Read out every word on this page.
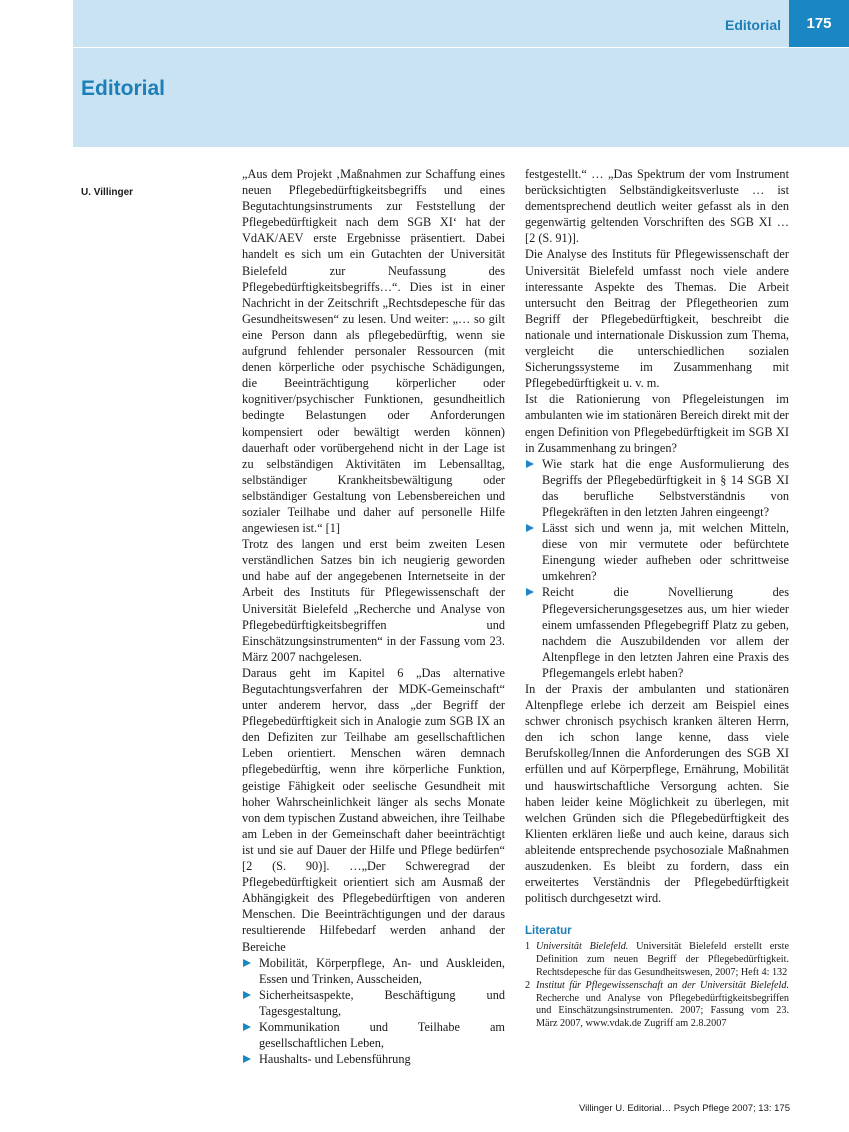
Editorial	175
Editorial
U. Villinger

„Aus dem Projekt ‚Maßnahmen zur Schaffung eines neuen Pflegebedürftigkeitsbegriffs und eines Begutachtungsinstruments zur Feststellung der Pflegebedürftigkeit nach dem SGB XI‘ hat der VdAK/AEV erste Ergebnisse präsentiert. Dabei handelt es sich um ein Gutachten der Universität Bielefeld zur Neufassung des Pflegebedürftigkeitsbegriffs…“. Dies ist in einer Nachricht in der Zeitschrift „Rechtsdepesche für das Gesundheitswesen“ zu lesen. Und weiter: „… so gilt eine Person dann als pflegebedürftig, wenn sie aufgrund fehlender personaler Ressourcen (mit denen körperliche oder psychische Schädigungen, die Beeinträchtigung körperlicher oder kognitiver/psychischer Funktionen, gesundheitlich bedingte Belastungen oder Anforderungen kompensiert oder bewältigt werden können) dauerhaft oder vorübergehend nicht in der Lage ist zu selbständigen Aktivitäten im Lebensalltag, selbständiger Krankheitsbewältigung oder selbständiger Gestaltung von Lebensbereichen und sozialer Teilhabe und daher auf personelle Hilfe angewiesen ist.“ [1]

Trotz des langen und erst beim zweiten Lesen verständlichen Satzes bin ich neugierig geworden und habe auf der angegebenen Internetseite in der Arbeit des Instituts für Pflegewissenschaft der Universität Bielefeld „Recherche und Analyse von Pflegebedürftigkeitsbegriffen und Einschätzungsinstrumenten“ in der Fassung vom 23. März 2007 nachgelesen.

Daraus geht im Kapitel 6 „Das alternative Begutachtungsverfahren der MDK-Gemeinschaft“ unter anderem hervor, dass „der Begriff der Pflegebedürftigkeit sich in Analogie zum SGB IX an den Defiziten zur Teilhabe am gesellschaftlichen Leben orientiert. Menschen wären demnach pflegebedürftig, wenn ihre körperliche Funktion, geistige Fähigkeit oder seelische Gesundheit mit hoher Wahrscheinlichkeit länger als sechs Monate von dem typischen Zustand abweichen, ihre Teilhabe am Leben in der Gemeinschaft daher beeinträchtigt ist und sie auf Dauer der Hilfe und Pflege bedürfen“ [2 (S. 90)]. …„Der Schweregrad der Pflegebedürftigkeit orientiert sich am Ausmaß der Abhängigkeit des Pflegebedürftigen von anderen Menschen. Die Beeinträchtigungen und der daraus resultierende Hilfebedarf werden anhand der Bereiche

Mobilität, Körperpflege, An- und Auskleiden, Essen und Trinken, Ausscheiden,
Sicherheitsaspekte, Beschäftigung und Tagesgestaltung,
Kommunikation und Teilhabe am gesellschaftlichen Leben,
Haushalts- und Lebensführung

festgestellt.“ … „Das Spektrum der vom Instrument berücksichtigten Selbständigkeitsverluste … ist dementsprechend deutlich weiter gefasst als in den gegenwärtig geltenden Vorschriften des SGB XI … [2 (S. 91)].

Die Analyse des Instituts für Pflegewissenschaft der Universität Bielefeld umfasst noch viele andere interessante Aspekte des Themas. Die Arbeit untersucht den Beitrag der Pflegetheorien zum Begriff der Pflegebedürftigkeit, beschreibt die nationale und internationale Diskussion zum Thema, vergleicht die unterschiedlichen sozialen Sicherungssysteme im Zusammenhang mit Pflegebedürftigkeit u. v. m.

Ist die Rationierung von Pflegeleistungen im ambulanten wie im stationären Bereich direkt mit der engen Definition von Pflegebedürftigkeit im SGB XI in Zusammenhang zu bringen?

Wie stark hat die enge Ausformulierung des Begriffs der Pflegebedürftigkeit in § 14 SGB XI das berufliche Selbstverständnis von Pflegekräften in den letzten Jahren eingeengt?
Lässt sich und wenn ja, mit welchen Mitteln, diese von mir vermutete oder befürchtete Einengung wieder aufheben oder schrittweise umkehren?
Reicht die Novellierung des Pflegeversicherungsgesetzes aus, um hier wieder einem umfassenden Pflegebegriff Platz zu geben, nachdem die Auszubildenden vor allem der Altenpflege in den letzten Jahren eine Praxis des Pflegemangels erlebt haben?

In der Praxis der ambulanten und stationären Altenpflege erlebe ich derzeit am Beispiel eines schwer chronisch psychisch kranken älteren Herrn, den ich schon lange kenne, dass viele Berufskolleg/Innen die Anforderungen des SGB XI erfüllen und auf Körperpflege, Ernährung, Mobilität und hauswirtschaftliche Versorgung achten. Sie haben leider keine Möglichkeit zu überlegen, mit welchen Gründen sich die Pflegebedürftigkeit des Klienten erklären ließe und auch keine, daraus sich ableitende entsprechende psychosoziale Maßnahmen auszudenken. Es bleibt zu fordern, dass ein erweitertes Verständnis der Pflegebedürftigkeit politisch durchgesetzt wird.

Literatur
1 Universität Bielefeld. Universität Bielefeld erstellt erste Definition zum neuen Begriff der Pflegebedürftigkeit. Rechtsdepesche für das Gesundheitswesen, 2007; Heft 4: 132
2 Institut für Pflegewissenschaft an der Universität Bielefeld. Recherche und Analyse von Pflegebedürftigkeitsbegriffen und Einschätzungsinstrumenten. 2007; Fassung vom 23. März 2007, www.vdak.de Zugriff am 2.8.2007
Villinger U. Editorial… Psych Pflege 2007; 13: 175
